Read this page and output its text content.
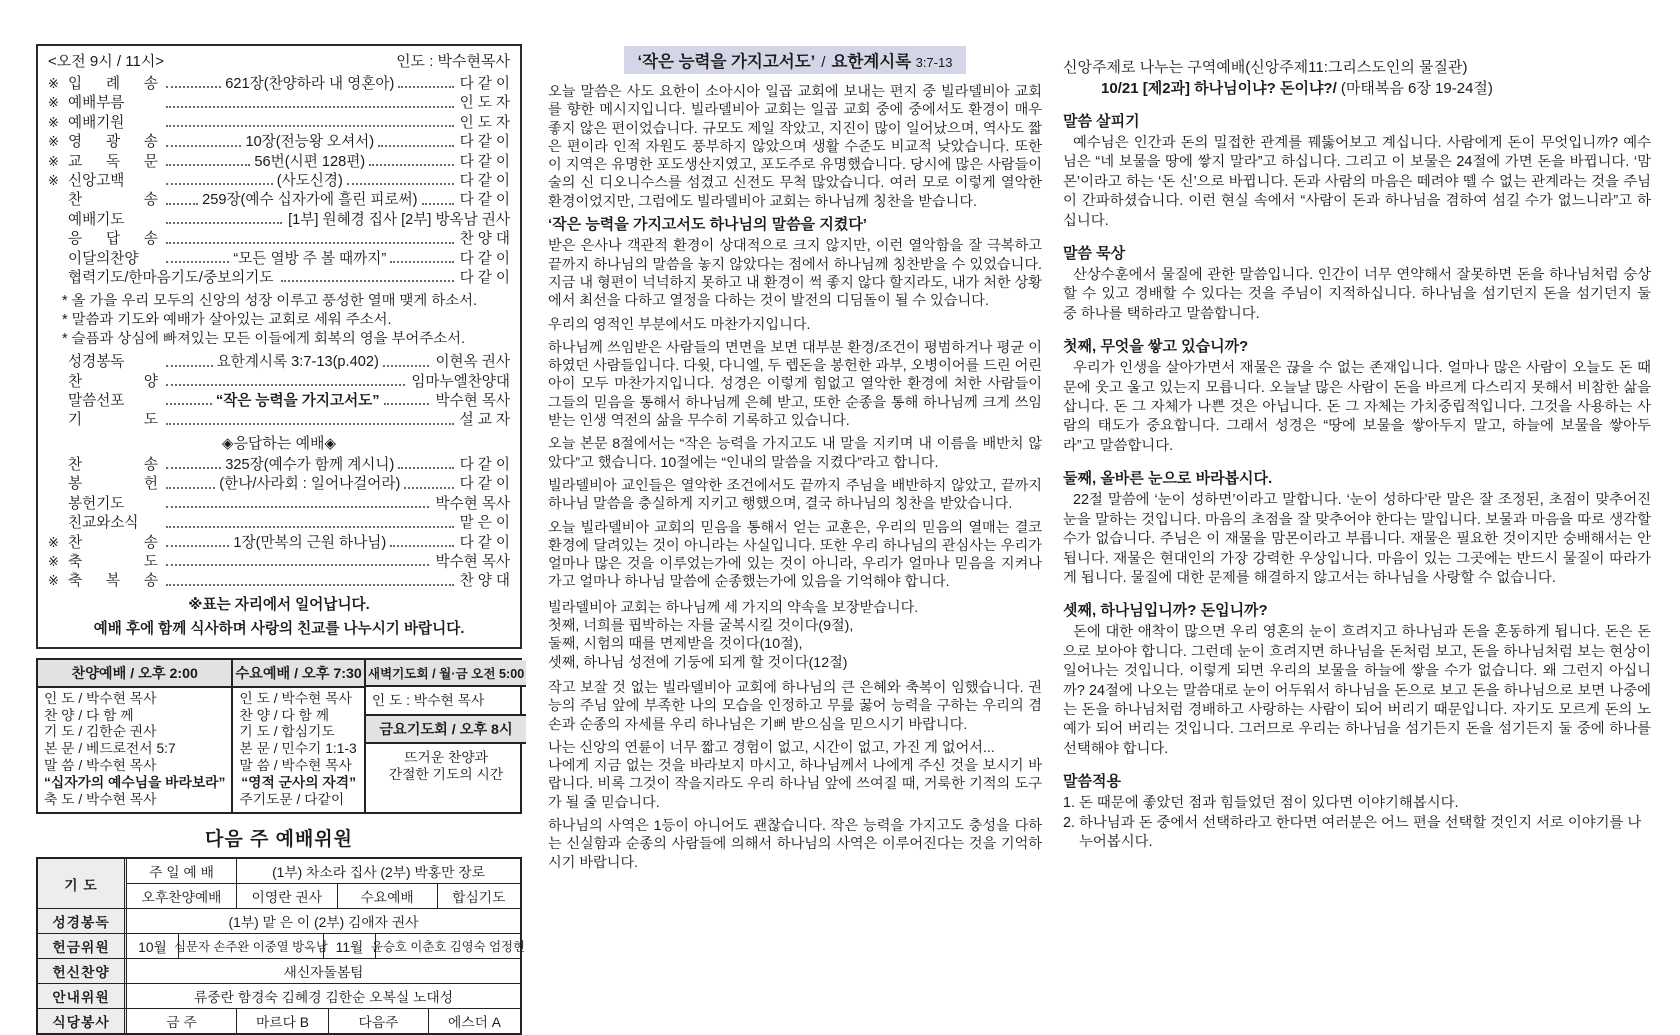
<오전 9시 / 11시>	인도 : 박수현목사
※ 입 례 송	621장(찬양하라 내 영혼아)	다 같 이
※ 예배부름	인 도 자
※ 예배기원	인 도 자
※ 영 광 송	10장(전능왕 오셔서)	다 같 이
※ 교 독 문	56번(시편 128편)	다 같 이
※ 신앙고백	(사도신경)	다 같 이
찬 송	259장(예수 십자가에 흘린 피로써)	다 같 이
예배기도	[1부] 원혜경 집사 [2부] 방옥남 권사
응 답 송	찬 양 대
이달의찬양	“모든 열방 주 볼 때까지”	다 같 이
협력기도/한마음기도/중보의기도	다 같 이
* 올 가을 우리 모두의 신앙의 성장 이루고 풍성한 열매 맺게 하소서.
* 말씀과 기도와 예배가 살아있는 교회로 세워 주소서.
* 슬픔과 상심에 빠져있는 모든 이들에게 회복의 영을 부어주소서.
성경봉독	요한계시록 3:7-13(p.402)	이현옥 권사
찬 양	임마누엘찬양대
말씀선포	“작은 능력을 가지고서도”	박수현 목사
기 도	설 교 자
◈응답하는 예배◈
찬 송	325장(예수가 함께 계시니)	다 같 이
봉 헌	(한나/사라회 : 일어나걸어라)	다 같 이
봉헌기도	박수현 목사
친교와소식	맡 은 이
※ 찬 송	1장(만복의 근원 하나님)	다 같 이
※ 축 도	박수현 목사
※ 축 복 송	찬 양 대
※표는 자리에서 일어납니다.
예배 후에 함께 식사하며 사랑의 친교를 나누시기 바랍니다.
찬양예배 / 오후 2:00
인 도 / 박수현 목사
찬 양 / 다 함 께
기 도 / 김한순 권사
본 문 / 베드로전서 5:7
말 씀 / 박수현 목사
“십자가의 예수님을 바라보라”
축 도 / 박수현 목사
수요예배 / 오후 7:30
인 도 / 박수현 목사
찬 양 / 다 함 께
기 도 / 합심기도
본 문 / 민수기 1:1-3
말 씀 / 박수현 목사
“영적 군사의 자격”
주기도문 / 다같이
새벽기도회 / 월·금 오전 5:00
인 도 : 박수현 목사
금요기도회 / 오후 8시
뜨거운 찬양과
간절한 기도의 시간
다음 주 예배위원
기 도
주 일 예 배	(1부) 차소라 집사 (2부) 박홍만 장로
오후찬양예배	이영란 권사	수요예배	합심기도
성경봉독	(1부) 맡 은 이 (2부) 김애자 권사
헌금위원	10월 심문자 손주완 이중열 방옥남 11월 윤승호 이춘호 김영숙 엄정현
헌신찬양	새신자돌봄팀
안내위원	류중란 함경숙 김혜경 김한순 오복실 노대성
식당봉사	금 주	마르다 B	다음주	에스더 A
‘작은 능력을 가지고서도’ / 요한계시록 3:7-13

오늘 말씀은 사도 요한이 소아시아 일곱 교회에 보내는 편지 중 빌라델비아 교회를 향한 메시지입니다. 빌라델비아 교회는 일곱 교회 중에 중에서도 환경이 매우 좋지 않은 편이었습니다. 규모도 제일 작았고, 지진이 많이 일어났으며, 역사도 짧은 편이라 인적 자원도 풍부하지 않았으며 생활 수준도 비교적 낮았습니다. 또한 이 지역은 유명한 포도생산지였고, 포도주로 유명했습니다. 당시에 많은 사람들이 술의 신 디오니수스를 섬겼고 신전도 무척 많았습니다. 여러 모로 이렇게 열악한 환경이었지만, 그럼에도 빌라델비아 교회는 하나님께 칭찬을 받습니다.

‘작은 능력을 가지고서도 하나님의 말씀을 지켰다’

받은 은사나 객관적 환경이 상대적으로 크지 않지만, 이런 열악함을 잘 극복하고 끝까지 하나님의 말씀을 놓지 않았다는 점에서 하나님께 칭찬받을 수 있었습니다. 지금 내 형편이 넉넉하지 못하고 내 환경이 썩 좋지 않다 할지라도, 내가 처한 상황에서 최선을 다하고 열정을 다하는 것이 발전의 디딤돌이 될 수 있습니다.

우리의 영적인 부분에서도 마찬가지입니다.

하나님께 쓰임받은 사람들의 면면을 보면 대부분 환경/조건이 평범하거나 평균 이하였던 사람들입니다. 다윗, 다니엘, 두 렙돈을 봉헌한 과부, 오병이어를 드린 어린 아이 모두 마찬가지입니다. 성경은 이렇게 힘없고 열악한 환경에 처한 사람들이 그들의 믿음을 통해서 하나님께 은혜 받고, 또한 순종을 통해 하나님께 크게 쓰임 받는 인생 역전의 삶을 무수히 기록하고 있습니다.

오늘 본문 8절에서는 “작은 능력을 가지고도 내 말을 지키며 내 이름을 배반치 않았다”고 했습니다. 10절에는 “인내의 말씀을 지켰다”라고 합니다.

빌라델비아 교인들은 열악한 조건에서도 끝까지 주님을 배반하지 않았고, 끝까지 하나님 말씀을 충실하게 지키고 행했으며, 결국 하나님의 칭찬을 받았습니다.

오늘 빌라델비아 교회의 믿음을 통해서 얻는 교훈은, 우리의 믿음의 열매는 결코 환경에 달려있는 것이 아니라는 사실입니다. 또한 우리 하나님의 관심사는 우리가 얼마나 많은 것을 이루었는가에 있는 것이 아니라, 우리가 얼마나 믿음을 지켜나가고 얼마나 하나님 말씀에 순종했는가에 있음을 기억해야 합니다.

빌라델비아 교회는 하나님께 세 가지의 약속을 보장받습니다.

첫째, 너희를 핍박하는 자를 굴복시킬 것이다(9절),

둘째, 시험의 때를 면제받을 것이다(10절),

셋째, 하나님 성전에 기둥에 되게 할 것이다(12절)

작고 보잘 것 없는 빌라델비아 교회에 하나님의 큰 은혜와 축복이 임했습니다. 권능의 주님 앞에 부족한 나의 모습을 인정하고 무릎 꿇어 능력을 구하는 우리의 겸손과 순종의 자세를 우리 하나님은 기뻐 받으심을 믿으시기 바랍니다.

나는 신앙의 연륜이 너무 짧고 경험이 없고, 시간이 없고, 가진 게 없어서...

나에게 지금 없는 것을 바라보지 마시고, 하나님께서 나에게 주신 것을 보시기 바랍니다. 비록 그것이 작을지라도 우리 하나님 앞에 쓰여질 때, 거룩한 기적의 도구가 될 줄 믿습니다.

하나님의 사역은 1등이 아니어도 괜찮습니다. 작은 능력을 가지고도 충성을 다하는 신실함과 순종의 사람들에 의해서 하나님의 사역은 이루어진다는 것을 기억하시기 바랍니다.

신앙주제로 나누는 구역예배(신앙주제11:그리스도인의 물질관)
10/21 [제2과] 하나님이냐? 돈이냐?/ (마태복음 6장 19-24절)
말씀 살피기

예수님은 인간과 돈의 밀접한 관계를 꿰뚫어보고 계십니다. 사람에게 돈이 무엇입니까? 예수님은 “네 보물을 땅에 쌓지 말라”고 하십니다. 그리고 이 보물은 24절에 가면 돈을 바뀝니다. ‘맘몬’이라고 하는 ‘돈 신’으로 바뀝니다. 돈과 사람의 마음은 떼려야 뗄 수 없는 관계라는 것을 주님이 간파하셨습니다. 이런 현실 속에서 “사람이 돈과 하나님을 겸하여 섬길 수가 없느니라”고 하십니다.

말씀 묵상

산상수훈에서 물질에 관한 말씀입니다. 인간이 너무 연약해서 잘못하면 돈을 하나님처럼 숭상할 수 있고 경배할 수 있다는 것을 주님이 지적하십니다. 하나님을 섬기던지 돈을 섬기던지 둘 중 하나를 택하라고 말씀합니다.

첫째, 무엇을 쌓고 있습니까?

우리가 인생을 살아가면서 재물은 끊을 수 없는 존재입니다. 얼마나 많은 사람이 오늘도 돈 때문에 웃고 울고 있는지 모릅니다. 오늘날 많은 사람이 돈을 바르게 다스리지 못해서 비참한 삶을 삽니다. 돈 그 자체가 나쁜 것은 아닙니다. 돈 그 자체는 가치중립적입니다. 그것을 사용하는 사람의 태도가 중요합니다. 그래서 성경은 “땅에 보물을 쌓아두지 말고, 하늘에 보물을 쌓아두라”고 말씀합니다.

둘째, 올바른 눈으로 바라봅시다.

22절 말씀에 ‘눈이 성하면’이라고 말합니다. ‘눈이 성하다’란 말은 잘 조정된, 초점이 맞추어진 눈을 말하는 것입니다. 마음의 초점을 잘 맞추어야 한다는 말입니다. 보물과 마음을 따로 생각할 수가 없습니다. 주님은 이 재물을 맘몬이라고 부릅니다. 재물은 필요한 것이지만 숭배해서는 안됩니다. 재물은 현대인의 가장 강력한 우상입니다. 마음이 있는 그곳에는 반드시 물질이 따라가게 됩니다. 물질에 대한 문제를 해결하지 않고서는 하나님을 사랑할 수 없습니다.

셋째, 하나님입니까? 돈입니까?

돈에 대한 애착이 많으면 우리 영혼의 눈이 흐려지고 하나님과 돈을 혼동하게 됩니다. 돈은 돈으로 보아야 합니다. 그런데 눈이 흐려지면 하나님을 돈처럼 보고, 돈을 하나님처럼 보는 현상이 일어나는 것입니다. 이렇게 되면 우리의 보물을 하늘에 쌓을 수가 없습니다. 왜 그런지 아십니까? 24절에 나오는 말씀대로 눈이 어두워서 하나님을 돈으로 보고 돈을 하나님으로 보면 나중에는 돈을 하나님처럼 경배하고 사랑하는 사람이 되어 버리기 때문입니다. 자기도 모르게 돈의 노예가 되어 버리는 것입니다. 그러므로 우리는 하나님을 섬기든지 돈을 섬기든지 둘 중에 하나를 선택해야 합니다.

말씀적용

1. 돈 때문에 좋았던 점과 힘들었던 점이 있다면 이야기해봅시다.

2. 하나님과 돈 중에서 선택하라고 한다면 여러분은 어느 편을 선택할 것인지 서로 이야기를 나누어봅시다.
